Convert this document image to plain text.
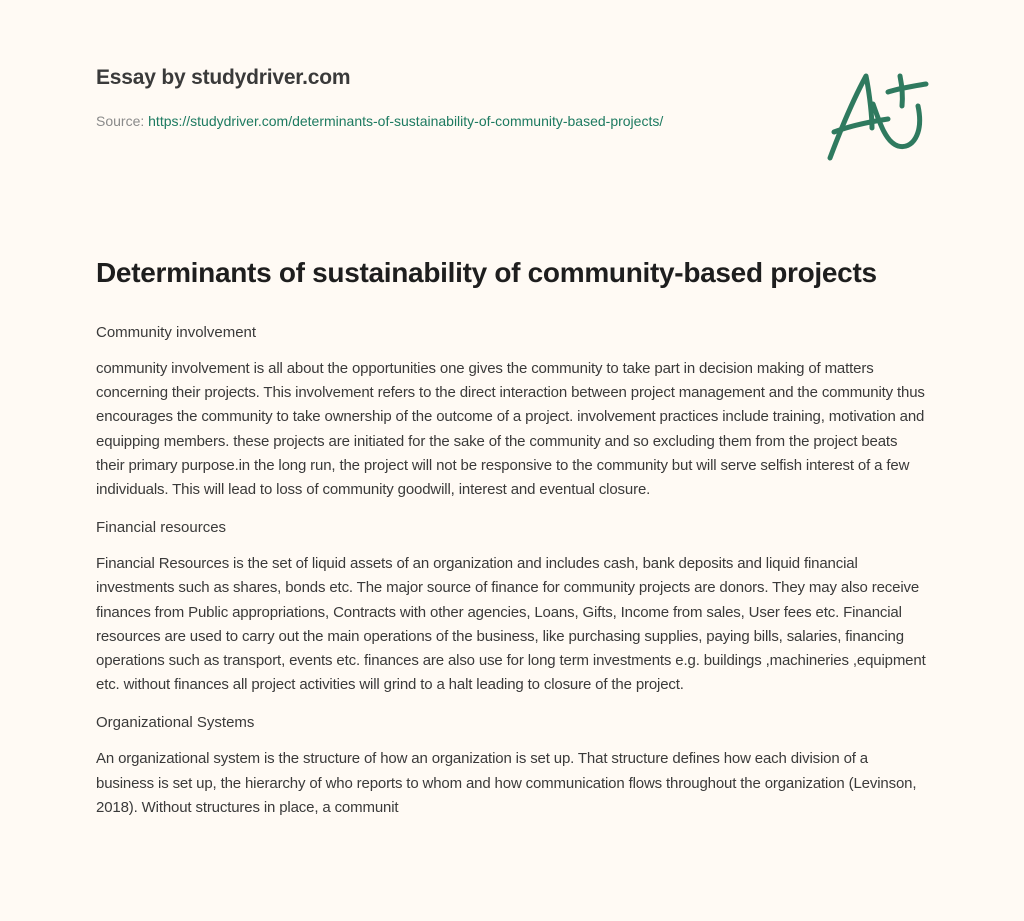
Essay by studydriver.com
Source: https://studydriver.com/determinants-of-sustainability-of-community-based-projects/
Determinants of sustainability of community-based projects

Community involvement

community involvement is all about the opportunities one gives the community to take part in decision making of matters concerning their projects. This involvement refers to the direct interaction between project management and the community thus encourages the community to take ownership of the outcome of a project. involvement practices include training, motivation and equipping members. these projects are initiated for the sake of the community and so excluding them from the project beats their primary purpose.in the long run, the project will not be responsive to the community but will serve selfish interest of a few individuals. This will lead to loss of community goodwill, interest and eventual closure.

Financial resources

Financial Resources is the set of liquid assets of an organization and includes cash, bank deposits and liquid financial investments such as shares, bonds etc. The major source of finance for community projects are donors. They may also receive finances from Public appropriations, Contracts with other agencies, Loans, Gifts, Income from sales, User fees etc. Financial resources are used to carry out the main operations of the business, like purchasing supplies, paying bills, salaries, financing operations such as transport, events etc. finances are also use for long term investments e.g. buildings ,machineries ,equipment etc. without finances all project activities will grind to a halt leading to closure of the project.

Organizational Systems

An organizational system is the structure of how an organization is set up. That structure defines how each division of a business is set up, the hierarchy of who reports to whom and how communication flows throughout the organization (Levinson, 2018). Without structures in place, a communit
